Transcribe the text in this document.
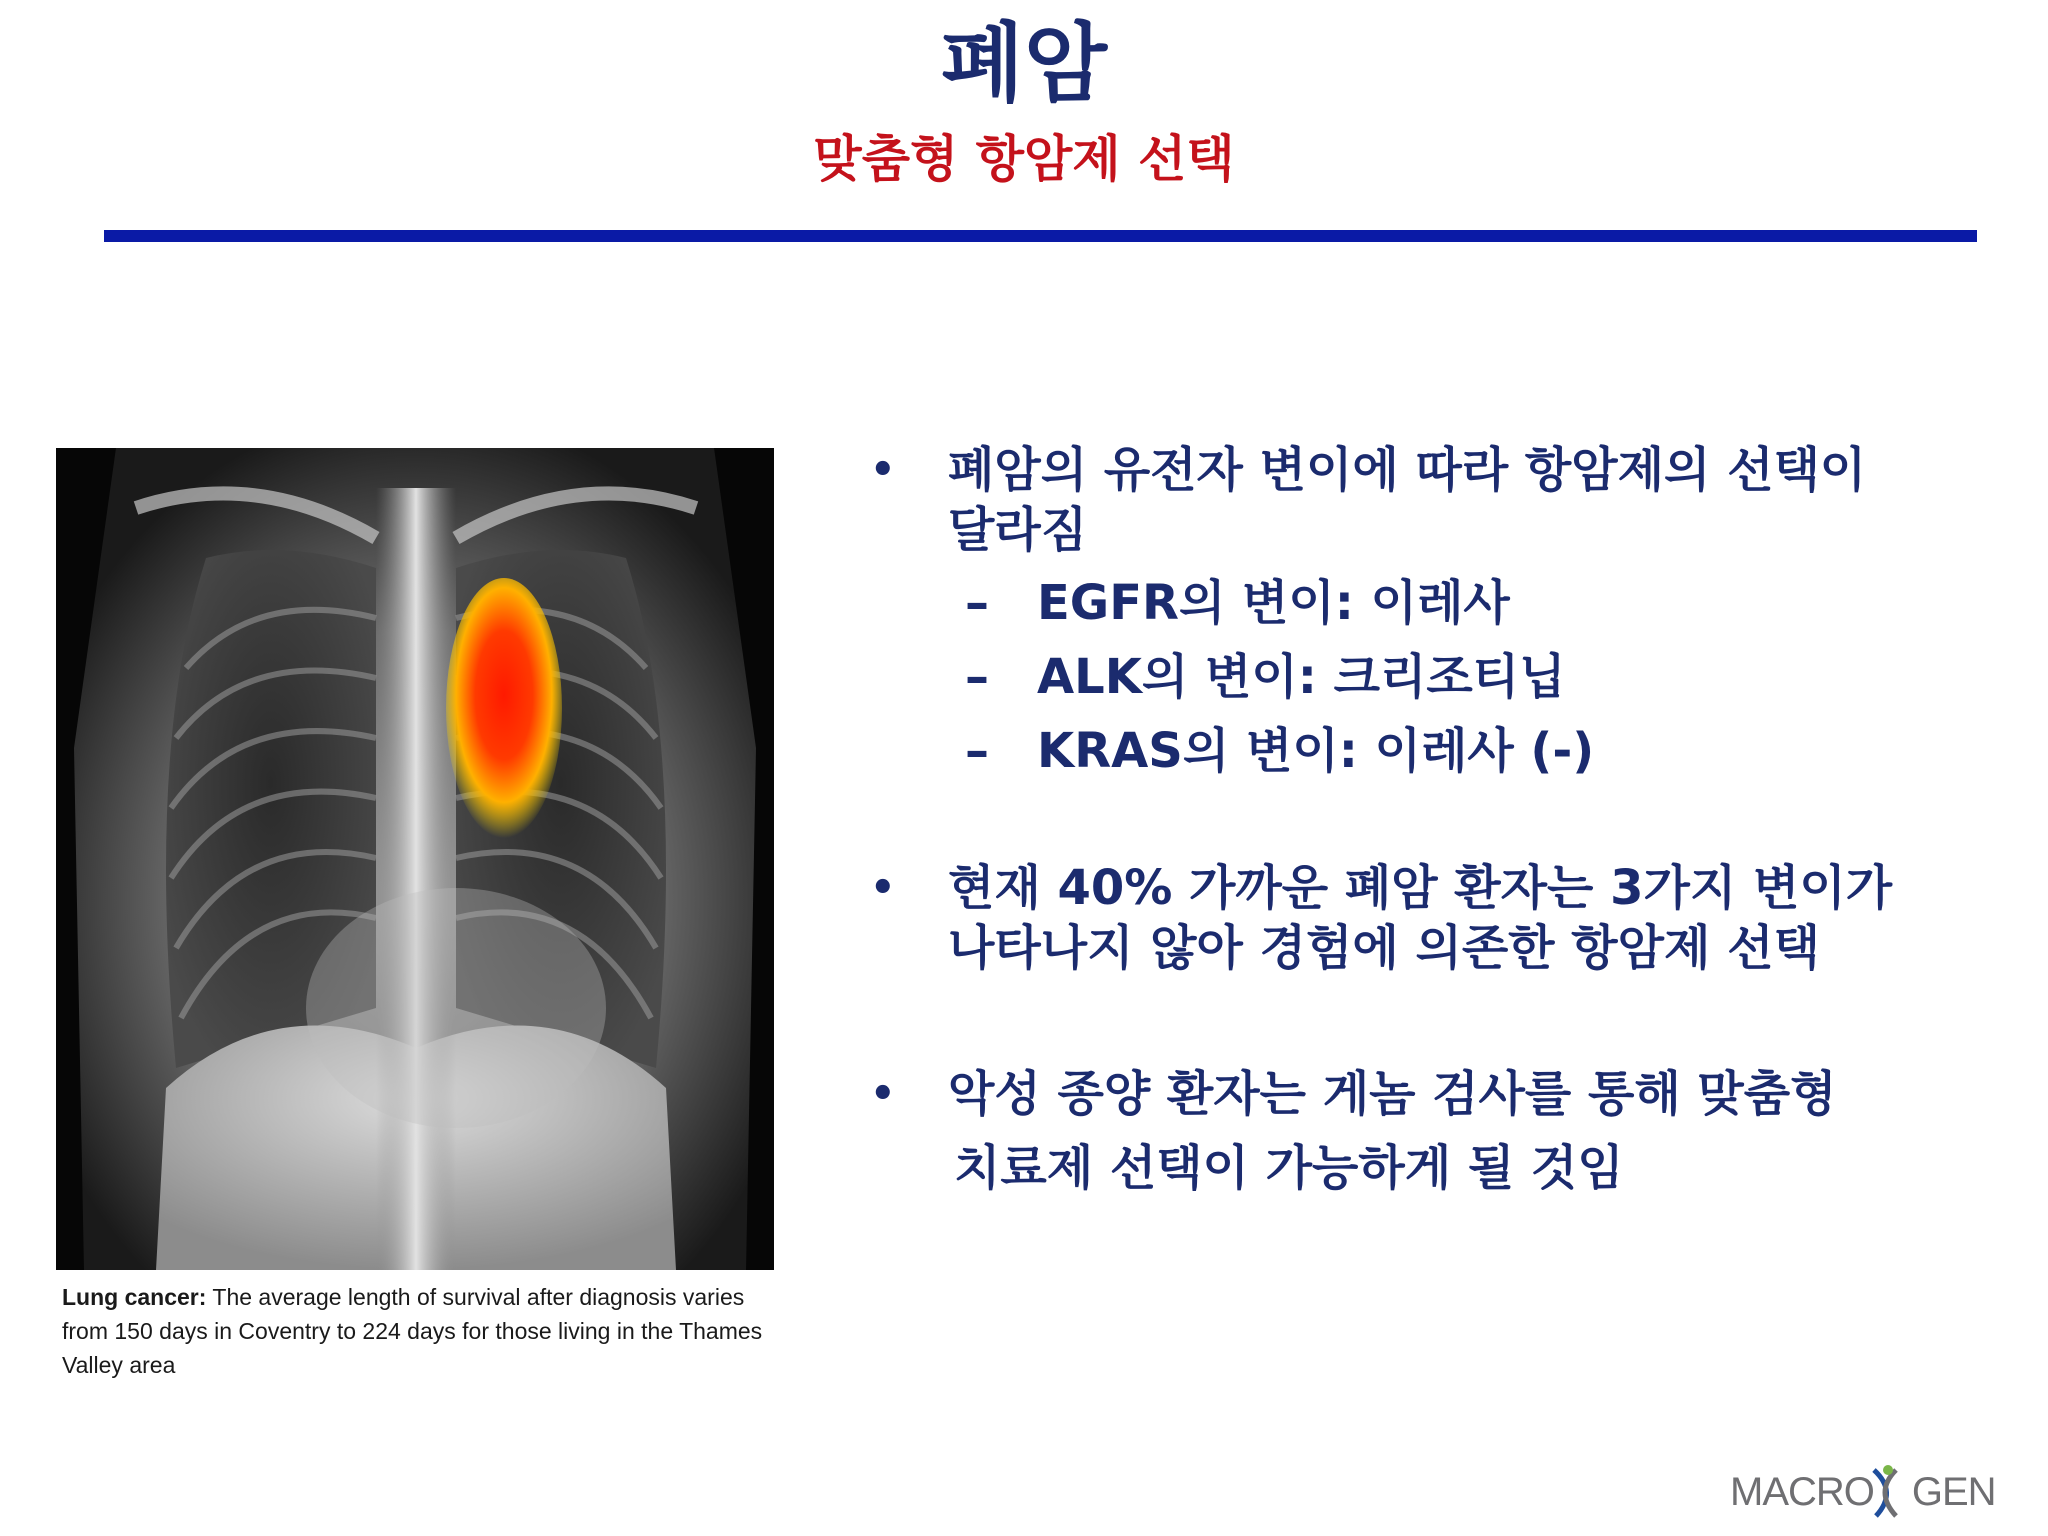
폐암
맞춤형 항암제 선택
Lung cancer: The average length of survival after diagnosis varies from 150 days in Coventry to 224 days for those living in the Thames Valley area
• 폐암의 유전자 변이에 따라 항암제의 선택이
달라짐
– EGFR의 변이: 이레사
– ALK의 변이: 크리조티닙
– KRAS의 변이: 이레사 (-)
• 현재 40% 가까운 폐암 환자는 3가지 변이가
나타나지 않아 경험에 의존한 항암제 선택
• 악성 종양 환자는 게놈 검사를 통해 맞춤형
치료제 선택이 가능하게 될 것임
MACRO GEN
